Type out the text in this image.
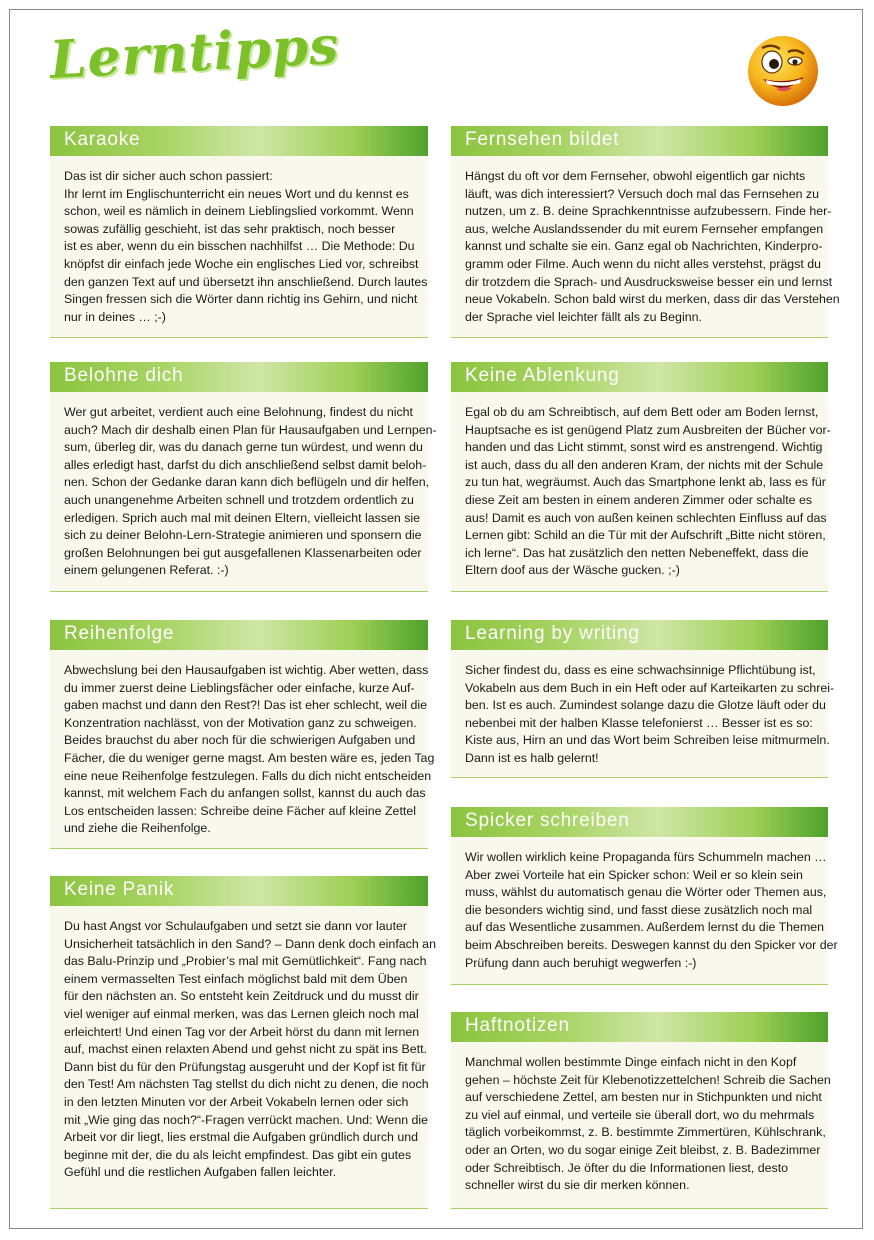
Lerntipps
Karaoke
Das ist dir sicher auch schon passiert:
Ihr lernt im Englischunterricht ein neues Wort und du kennst es
schon, weil es nämlich in deinem Lieblingslied vorkommt. Wenn
sowas zufällig geschieht, ist das sehr praktisch, noch besser
ist es aber, wenn du ein bisschen nachhilfst … Die Methode: Du
knöpfst dir einfach jede Woche ein englisches Lied vor, schreibst
den ganzen Text auf und übersetzt ihn anschließend. Durch lautes
Singen fressen sich die Wörter dann richtig ins Gehirn, und nicht
nur in deines … ;-)
Fernsehen bildet
Hängst du oft vor dem Fernseher, obwohl eigentlich gar nichts
läuft, was dich interessiert? Versuch doch mal das Fernsehen zu
nutzen, um z. B. deine Sprachkenntnisse aufzubessern. Finde her-
aus, welche Auslandssender du mit eurem Fernseher empfangen
kannst und schalte sie ein. Ganz egal ob Nachrichten, Kinderpro-
gramm oder Filme. Auch wenn du nicht alles verstehst, prägst du
dir trotzdem die Sprach- und Ausdrucksweise besser ein und lernst
neue Vokabeln. Schon bald wirst du merken, dass dir das Verstehen
der Sprache viel leichter fällt als zu Beginn.
Belohne dich
Wer gut arbeitet, verdient auch eine Belohnung, findest du nicht
auch? Mach dir deshalb einen Plan für Hausaufgaben und Lernpen-
sum, überleg dir, was du danach gerne tun würdest, und wenn du
alles erledigt hast, darfst du dich anschließend selbst damit beloh-
nen. Schon der Gedanke daran kann dich beflügeln und dir helfen,
auch unangenehme Arbeiten schnell und trotzdem ordentlich zu
erledigen. Sprich auch mal mit deinen Eltern, vielleicht lassen sie
sich zu deiner Belohn-Lern-Strategie animieren und sponsern die
großen Belohnungen bei gut ausgefallenen Klassenarbeiten oder
einem gelungenen Referat. :-)
Keine Ablenkung
Egal ob du am Schreibtisch, auf dem Bett oder am Boden lernst,
Hauptsache es ist genügend Platz zum Ausbreiten der Bücher vor-
handen und das Licht stimmt, sonst wird es anstrengend. Wichtig
ist auch, dass du all den anderen Kram, der nichts mit der Schule
zu tun hat, wegräumst. Auch das Smartphone lenkt ab, lass es für
diese Zeit am besten in einem anderen Zimmer oder schalte es
aus! Damit es auch von außen keinen schlechten Einfluss auf das
Lernen gibt: Schild an die Tür mit der Aufschrift „Bitte nicht stören,
ich lerne“. Das hat zusätzlich den netten Nebeneffekt, dass die
Eltern doof aus der Wäsche gucken. ;-)
Reihenfolge
Abwechslung bei den Hausaufgaben ist wichtig. Aber wetten, dass
du immer zuerst deine Lieblingsfächer oder einfache, kurze Auf-
gaben machst und dann den Rest?! Das ist eher schlecht, weil die
Konzentration nachlässt, von der Motivation ganz zu schweigen.
Beides brauchst du aber noch für die schwierigen Aufgaben und
Fächer, die du weniger gerne magst. Am besten wäre es, jeden Tag
eine neue Reihenfolge festzulegen. Falls du dich nicht entscheiden
kannst, mit welchem Fach du anfangen sollst, kannst du auch das
Los entscheiden lassen: Schreibe deine Fächer auf kleine Zettel
und ziehe die Reihenfolge.
Learning by writing
Sicher findest du, dass es eine schwachsinnige Pflichtübung ist,
Vokabeln aus dem Buch in ein Heft oder auf Karteikarten zu schrei-
ben. Ist es auch. Zumindest solange dazu die Glotze läuft oder du
nebenbei mit der halben Klasse telefonierst … Besser ist es so:
Kiste aus, Hirn an und das Wort beim Schreiben leise mitmurmeln.
Dann ist es halb gelernt!
Spicker schreiben
Wir wollen wirklich keine Propaganda fürs Schummeln machen …
Aber zwei Vorteile hat ein Spicker schon: Weil er so klein sein
muss, wählst du automatisch genau die Wörter oder Themen aus,
die besonders wichtig sind, und fasst diese zusätzlich noch mal
auf das Wesentliche zusammen. Außerdem lernst du die Themen
beim Abschreiben bereits. Deswegen kannst du den Spicker vor der
Prüfung dann auch beruhigt wegwerfen :-)
Keine Panik
Du hast Angst vor Schulaufgaben und setzt sie dann vor lauter
Unsicherheit tatsächlich in den Sand? – Dann denk doch einfach an
das Balu-Prinzip und „Probier’s mal mit Gemütlichkeit“. Fang nach
einem vermasselten Test einfach möglichst bald mit dem Üben
für den nächsten an. So entsteht kein Zeitdruck und du musst dir
viel weniger auf einmal merken, was das Lernen gleich noch mal
erleichtert! Und einen Tag vor der Arbeit hörst du dann mit lernen
auf, machst einen relaxten Abend und gehst nicht zu spät ins Bett.
Dann bist du für den Prüfungstag ausgeruht und der Kopf ist fit für
den Test! Am nächsten Tag stellst du dich nicht zu denen, die noch
in den letzten Minuten vor der Arbeit Vokabeln lernen oder sich
mit „Wie ging das noch?“-Fragen verrückt machen. Und: Wenn die
Arbeit vor dir liegt, lies erstmal die Aufgaben gründlich durch und
beginne mit der, die du als leicht empfindest. Das gibt ein gutes
Gefühl und die restlichen Aufgaben fallen leichter.
Haftnotizen
Manchmal wollen bestimmte Dinge einfach nicht in den Kopf
gehen – höchste Zeit für Klebenotizzettelchen! Schreib die Sachen
auf verschiedene Zettel, am besten nur in Stichpunkten und nicht
zu viel auf einmal, und verteile sie überall dort, wo du mehrmals
täglich vorbeikommst, z. B. bestimmte Zimmertüren, Kühlschrank,
oder an Orten, wo du sogar einige Zeit bleibst, z. B. Badezimmer
oder Schreibtisch. Je öfter du die Informationen liest, desto
schneller wirst du sie dir merken können.
